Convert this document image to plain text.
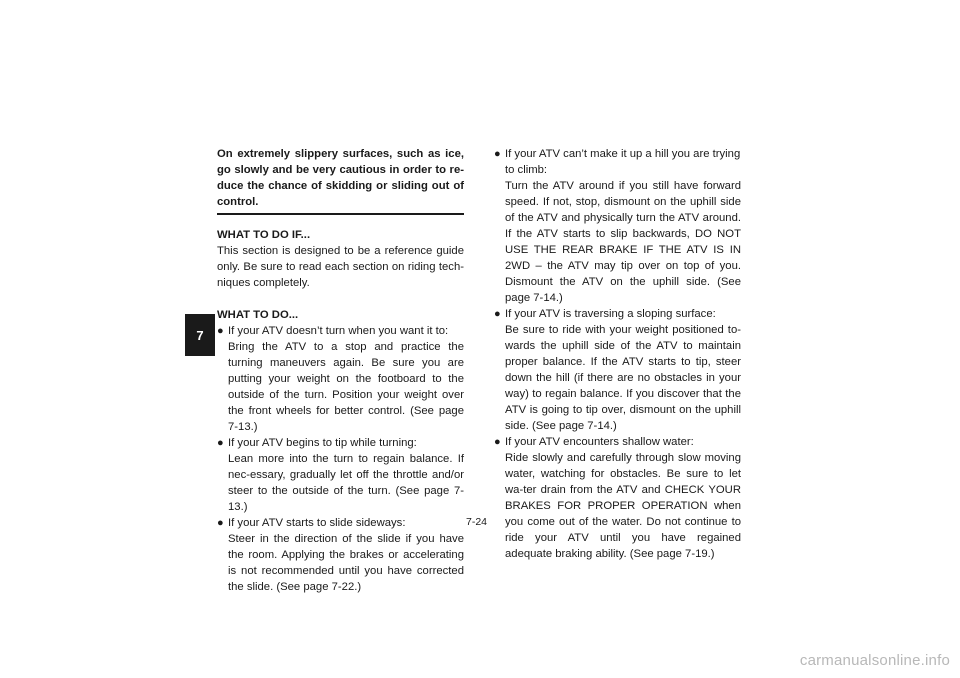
7

On extremely slippery surfaces, such as ice, go slowly and be very cautious in order to re-duce the chance of skidding or sliding out of control.

WHAT TO DO IF...

This section is designed to be a reference guide only. Be sure to read each section on riding tech-niques completely.

WHAT TO DO...

● If your ATV doesn’t turn when you want it to:
Bring the ATV to a stop and practice the turning maneuvers again. Be sure you are putting your weight on the footboard to the outside of the turn. Position your weight over the front wheels for better control. (See page 7-13.)
● If your ATV begins to tip while turning:
Lean more into the turn to regain balance. If nec-essary, gradually let off the throttle and/or steer to the outside of the turn. (See page 7-13.)
● If your ATV starts to slide sideways:
Steer in the direction of the slide if you have the room. Applying the brakes or accelerating is not recommended until you have corrected the slide. (See page 7-22.)
● If your ATV can’t make it up a hill you are trying to climb:
Turn the ATV around if you still have forward speed. If not, stop, dismount on the uphill side of the ATV and physically turn the ATV around. If the ATV starts to slip backwards, DO NOT USE THE REAR BRAKE IF THE ATV IS IN 2WD – the ATV may tip over on top of you. Dismount the ATV on the uphill side. (See page 7-14.)
● If your ATV is traversing a sloping surface:
Be sure to ride with your weight positioned to-wards the uphill side of the ATV to maintain proper balance. If the ATV starts to tip, steer down the hill (if there are no obstacles in your way) to regain balance. If you discover that the ATV is going to tip over, dismount on the uphill side. (See page 7-14.)
● If your ATV encounters shallow water:
Ride slowly and carefully through slow moving water, watching for obstacles. Be sure to let wa-ter drain from the ATV and CHECK YOUR BRAKES FOR PROPER OPERATION when you come out of the water. Do not continue to ride your ATV until you have regained adequate braking ability. (See page 7-19.)
7-24
carmanualsonline.info
